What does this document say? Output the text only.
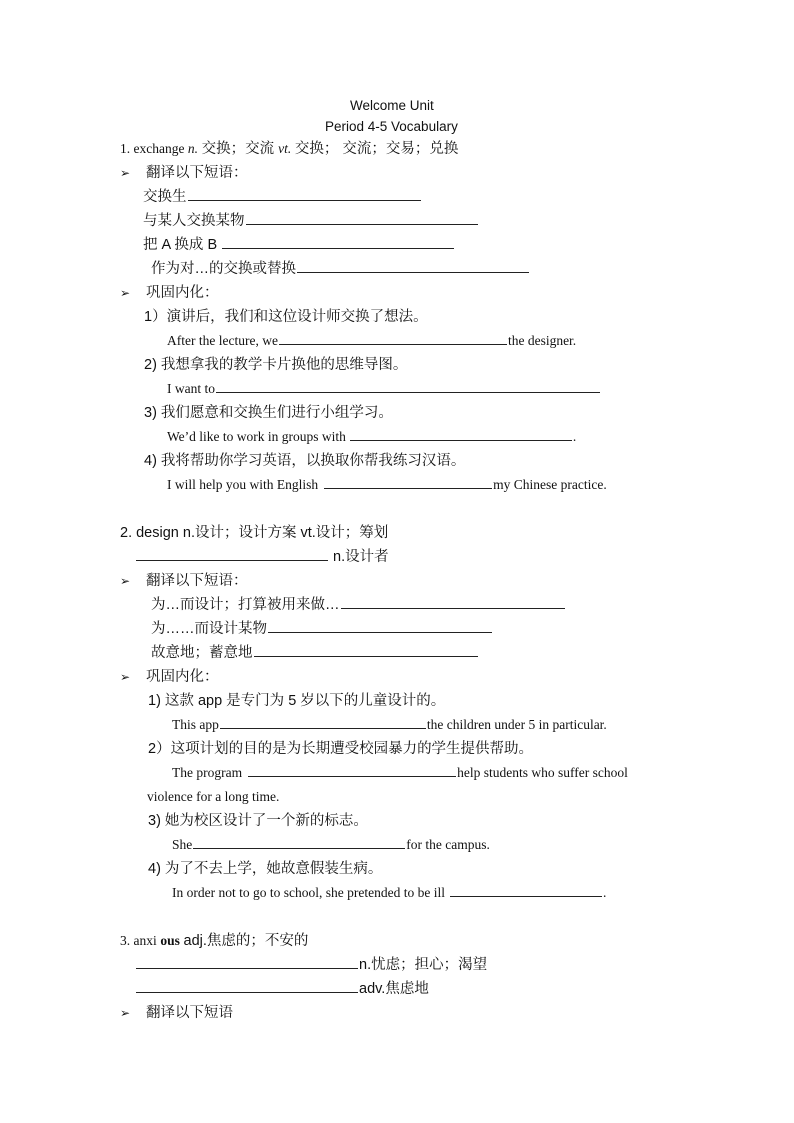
Welcome Unit
Period 4-5 Vocabulary
1. exchange n. 交换；交流 vt. 交换； 交流；交易；兑换
➢ 翻译以下短语：
交换生
与某人交换某物
把 A 换成 B
作为对…的交换或替换
➢ 巩固内化：
1）演讲后，我们和这位设计师交换了想法。
After the lecture, we	the designer.
2) 我想拿我的教学卡片换他的思维导图。
I want to
3) 我们愿意和交换生们进行小组学习。
We’d like to work in groups with	.
4) 我将帮助你学习英语，以换取你帮我练习汉语。
I will help you with English	my Chinese practice.
2. design n.设计；设计方案 vt.设计；筹划
n.设计者
➢ 翻译以下短语：
为…而设计；打算被用来做…
为……而设计某物
故意地；蓄意地
➢ 巩固内化：
1) 这款 app 是专门为 5 岁以下的儿童设计的。
This app	the children under 5 in particular.
2）这项计划的目的是为长期遭受校园暴力的学生提供帮助。
The program	help students who suffer school
violence for a long time.
3) 她为校区设计了一个新的标志。
She	for the campus.
4) 为了不去上学，她故意假装生病。
In order not to go to school, she pretended to be ill	.
3. anxi ous adj.焦虑的；不安的
n.忧虑；担心；渴望
adv.焦虑地
➢ 翻译以下短语
